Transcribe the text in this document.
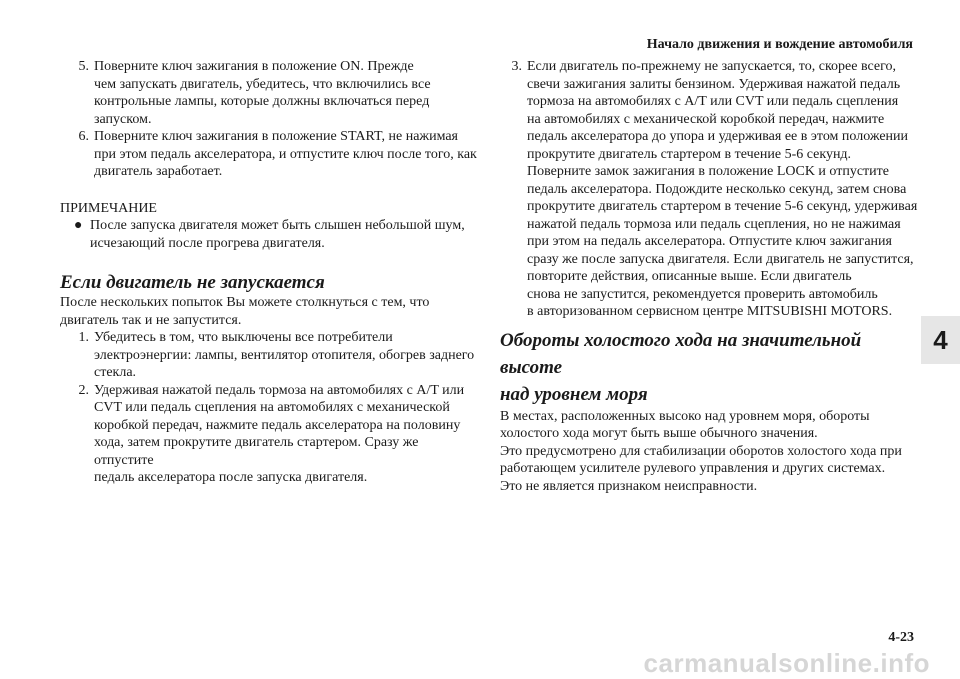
Начало движения и вождение автомобиля
5. Поверните ключ зажигания в положение ON. Прежде
чем запускать двигатель, убедитесь, что включились все
контрольные лампы, которые должны включаться перед
запуском.
6. Поверните ключ зажигания в положение START, не нажимая
при этом педаль акселератора, и отпустите ключ после того, как
двигатель заработает.

ПРИМЕЧАНИЕ

● После запуска двигателя может быть слышен небольшой шум,
исчезающий после прогрева двигателя.
Если двигатель не запускается

После нескольких попыток Вы можете столкнуться с тем, что
двигатель так и не запустится.

1. Убедитесь в том, что выключены все потребители
электроэнергии: лампы, вентилятор отопителя, обогрев заднего
стекла.
2. Удерживая нажатой педаль тормоза на автомобилях с A/T или
CVT или педаль сцепления на автомобилях с механической
коробкой передач, нажмите педаль акселератора на половину
хода, затем прокрутите двигатель стартером. Сразу же отпустите
педаль акселератора после запуска двигателя.
3. Если двигатель по-прежнему не запускается, то, скорее всего,
свечи зажигания залиты бензином. Удерживая нажатой педаль
тормоза на автомобилях с A/T или CVT или педаль сцепления
на автомобилях с механической коробкой передач, нажмите
педаль акселератора до упора и удерживая ее в этом положении
прокрутите двигатель стартером в течение 5-6 секунд.
Поверните замок зажигания в положение LOCK и отпустите
педаль акселератора. Подождите несколько секунд, затем снова
прокрутите двигатель стартером в течение 5-6 секунд, удерживая
нажатой педаль тормоза или педаль сцепления, но не нажимая
при этом на педаль акселератора. Отпустите ключ зажигания
сразу же после запуска двигателя. Если двигатель не запустится,
повторите действия, описанные выше. Если двигатель
снова не запустится, рекомендуется проверить автомобиль
в авторизованном сервисном центре MITSUBISHI MOTORS.
Обороты холостого хода на значительной высоте
над уровнем моря

В местах, расположенных высоко над уровнем моря, обороты
холостого хода могут быть выше обычного значения.
Это предусмотрено для стабилизации оборотов холостого хода при
работающем усилителе рулевого управления и других системах.
Это не является признаком неисправности.

4
4-23
carmanualsonline.info
